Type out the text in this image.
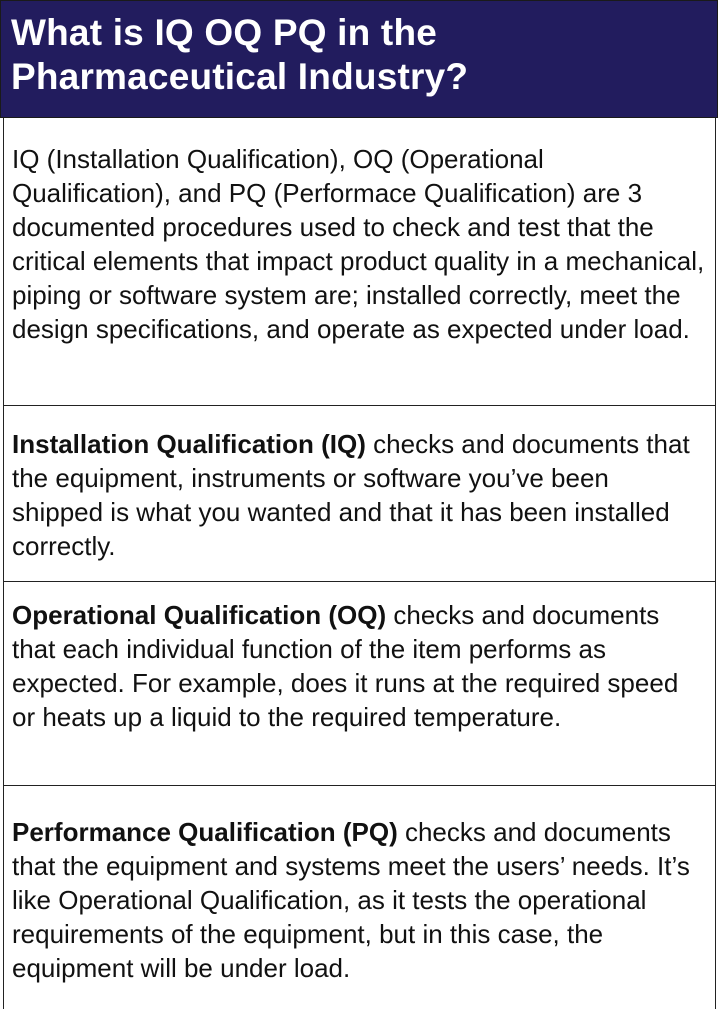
What is IQ OQ PQ in the
Pharmaceutical Industry?

IQ (Installation Qualification), OQ (Operational Qualification), and PQ (Performace Qualification) are 3 documented procedures used to check and test that the critical elements that impact product quality in a mechanical, piping or software system are; installed correctly, meet the design specifications, and operate as expected under load.

Installation Qualification (IQ) checks and documents that the equipment, instruments or software you’ve been shipped is what you wanted and that it has been installed correctly.

Operational Qualification (OQ) checks and documents that each individual function of the item performs as expected. For example, does it runs at the required speed or heats up a liquid to the required temperature.

Performance Qualification (PQ) checks and documents that the equipment and systems meet the users’ needs. It’s like Operational Qualification, as it tests the operational requirements of the equipment, but in this case, the equipment will be under load.
